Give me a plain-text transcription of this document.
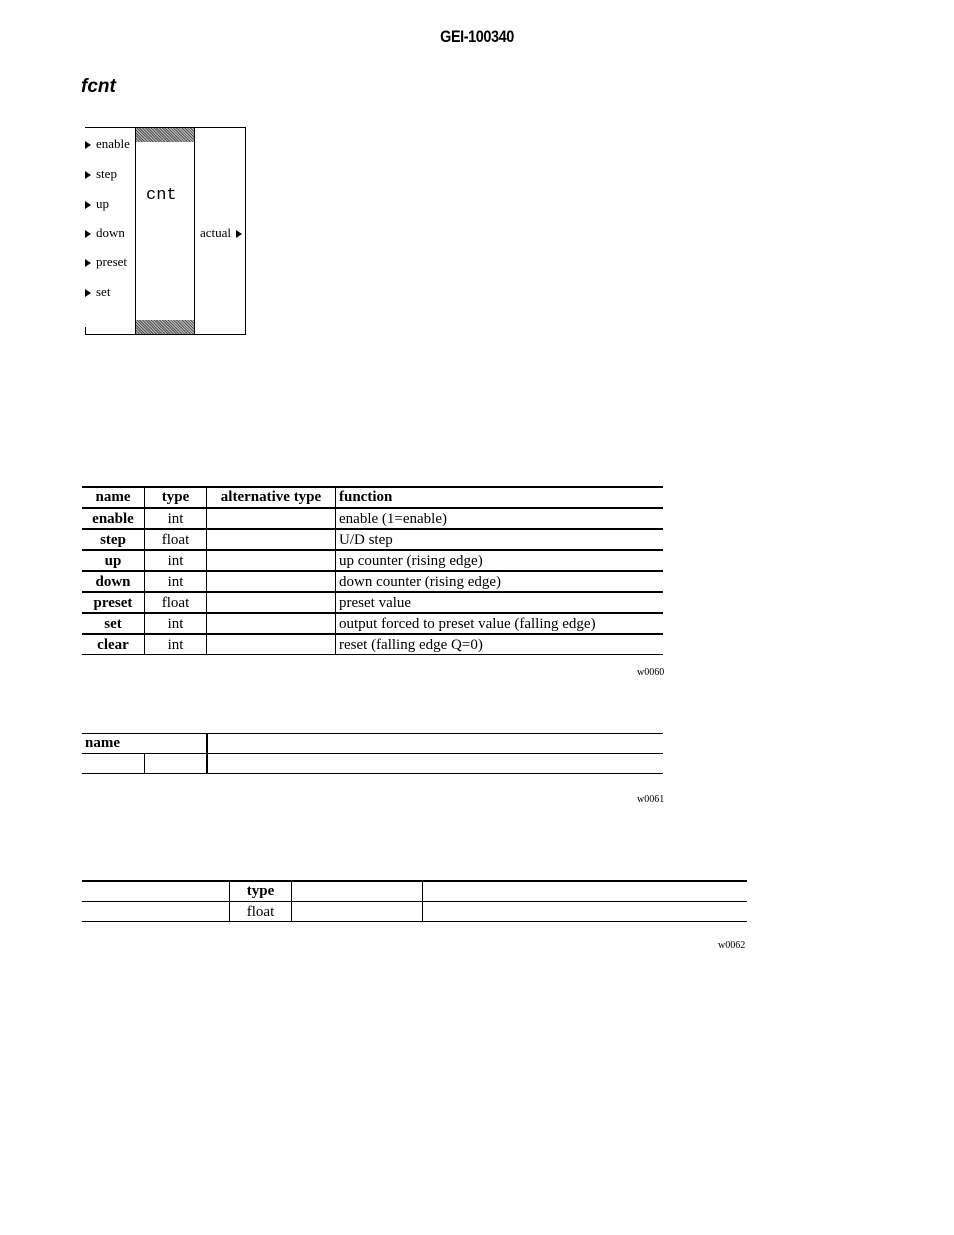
GEI-100340
fcnt
cnt
enable
step
up
down
preset
set
actual
name	type	alternative type	function
enable	int		enable (1=enable)
step	float		U/D step
up	int		up counter (rising edge)
down	int		down counter (rising edge)
preset	float		preset value
set	int		output forced to preset value (falling edge)
clear	int		reset (falling edge Q=0)
w0060
name		

w0061
	type		
	float		
w0062
